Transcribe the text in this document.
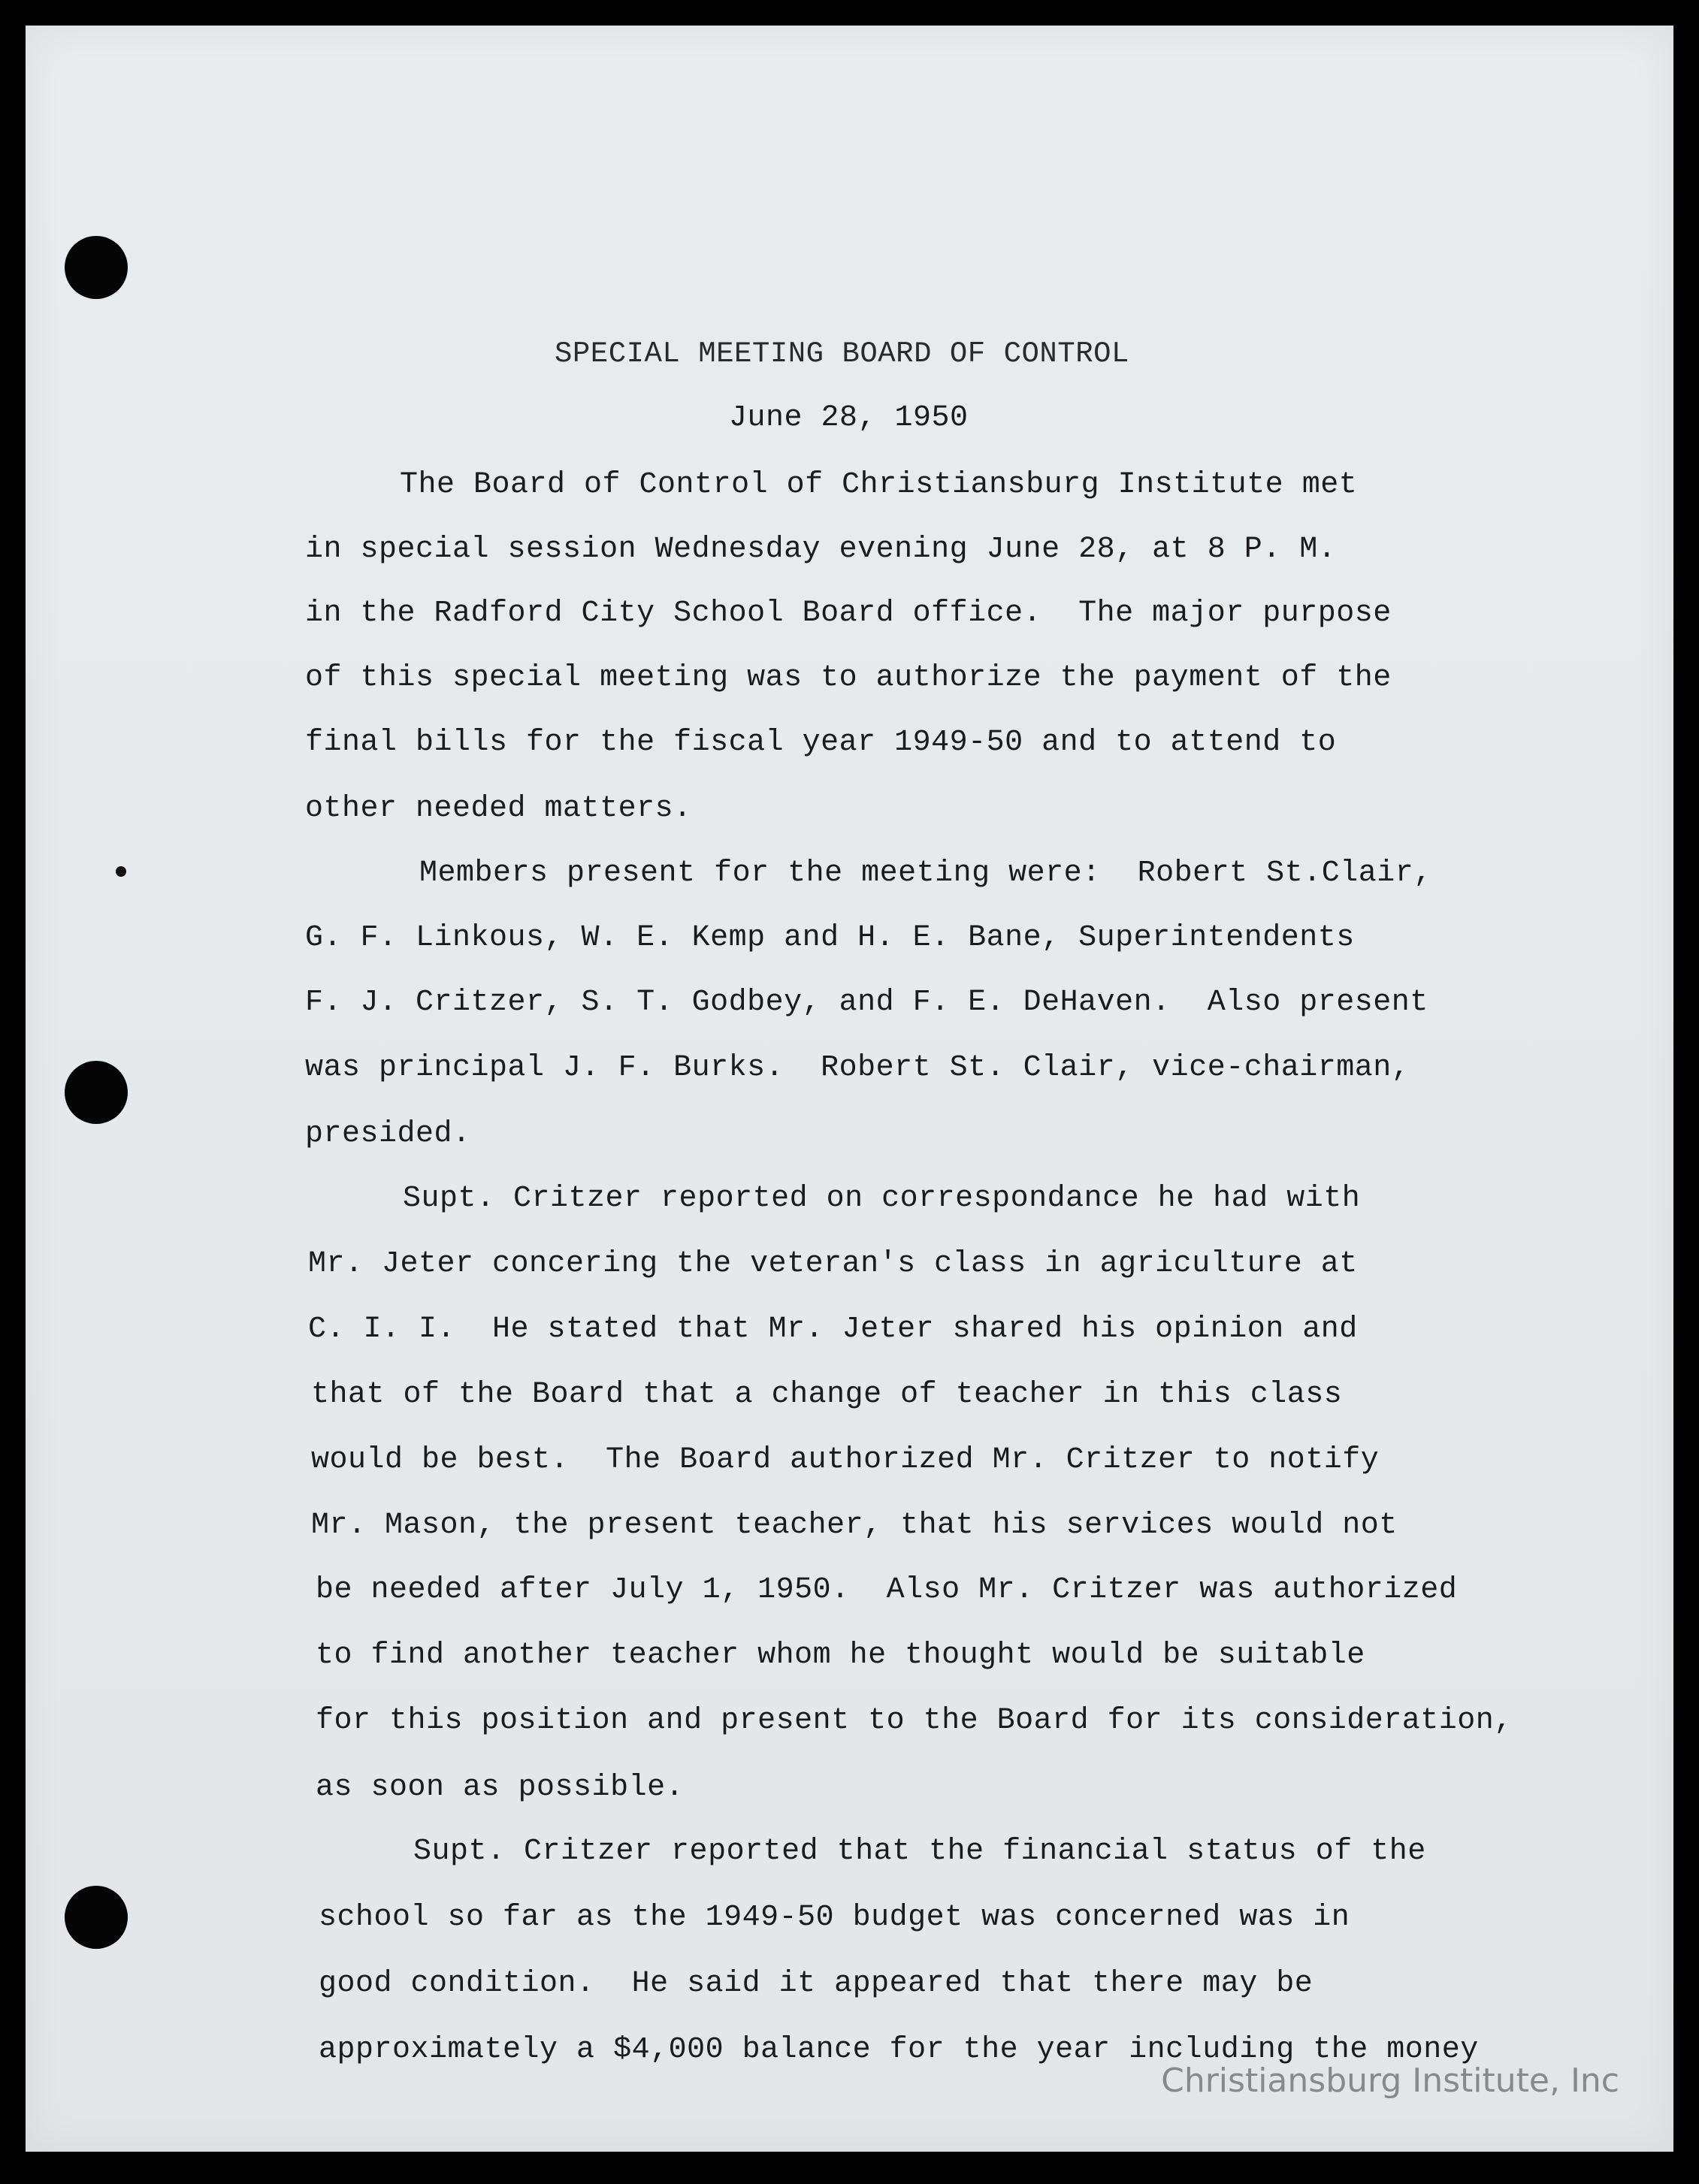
SPECIAL MEETING BOARD OF CONTROL
June 28, 1950
The Board of Control of Christiansburg Institute met
in special session Wednesday evening June 28, at 8 P. M.
in the Radford City School Board office.  The major purpose
of this special meeting was to authorize the payment of the
final bills for the fiscal year 1949-50 and to attend to
other needed matters.
Members present for the meeting were:  Robert St.Clair,
G. F. Linkous, W. E. Kemp and H. E. Bane, Superintendents
F. J. Critzer, S. T. Godbey, and F. E. DeHaven.  Also present
was principal J. F. Burks.  Robert St. Clair, vice-chairman,
presided.
Supt. Critzer reported on correspondance he had with
Mr. Jeter concering the veteran's class in agriculture at
C. I. I.  He stated that Mr. Jeter shared his opinion and
that of the Board that a change of teacher in this class
would be best.  The Board authorized Mr. Critzer to notify
Mr. Mason, the present teacher, that his services would not
be needed after July 1, 1950.  Also Mr. Critzer was authorized
to find another teacher whom he thought would be suitable
for this position and present to the Board for its consideration,
as soon as possible.
Supt. Critzer reported that the financial status of the
school so far as the 1949-50 budget was concerned was in
good condition.  He said it appeared that there may be
approximately a $4,000 balance for the year including the money
Christiansburg Institute, Inc
